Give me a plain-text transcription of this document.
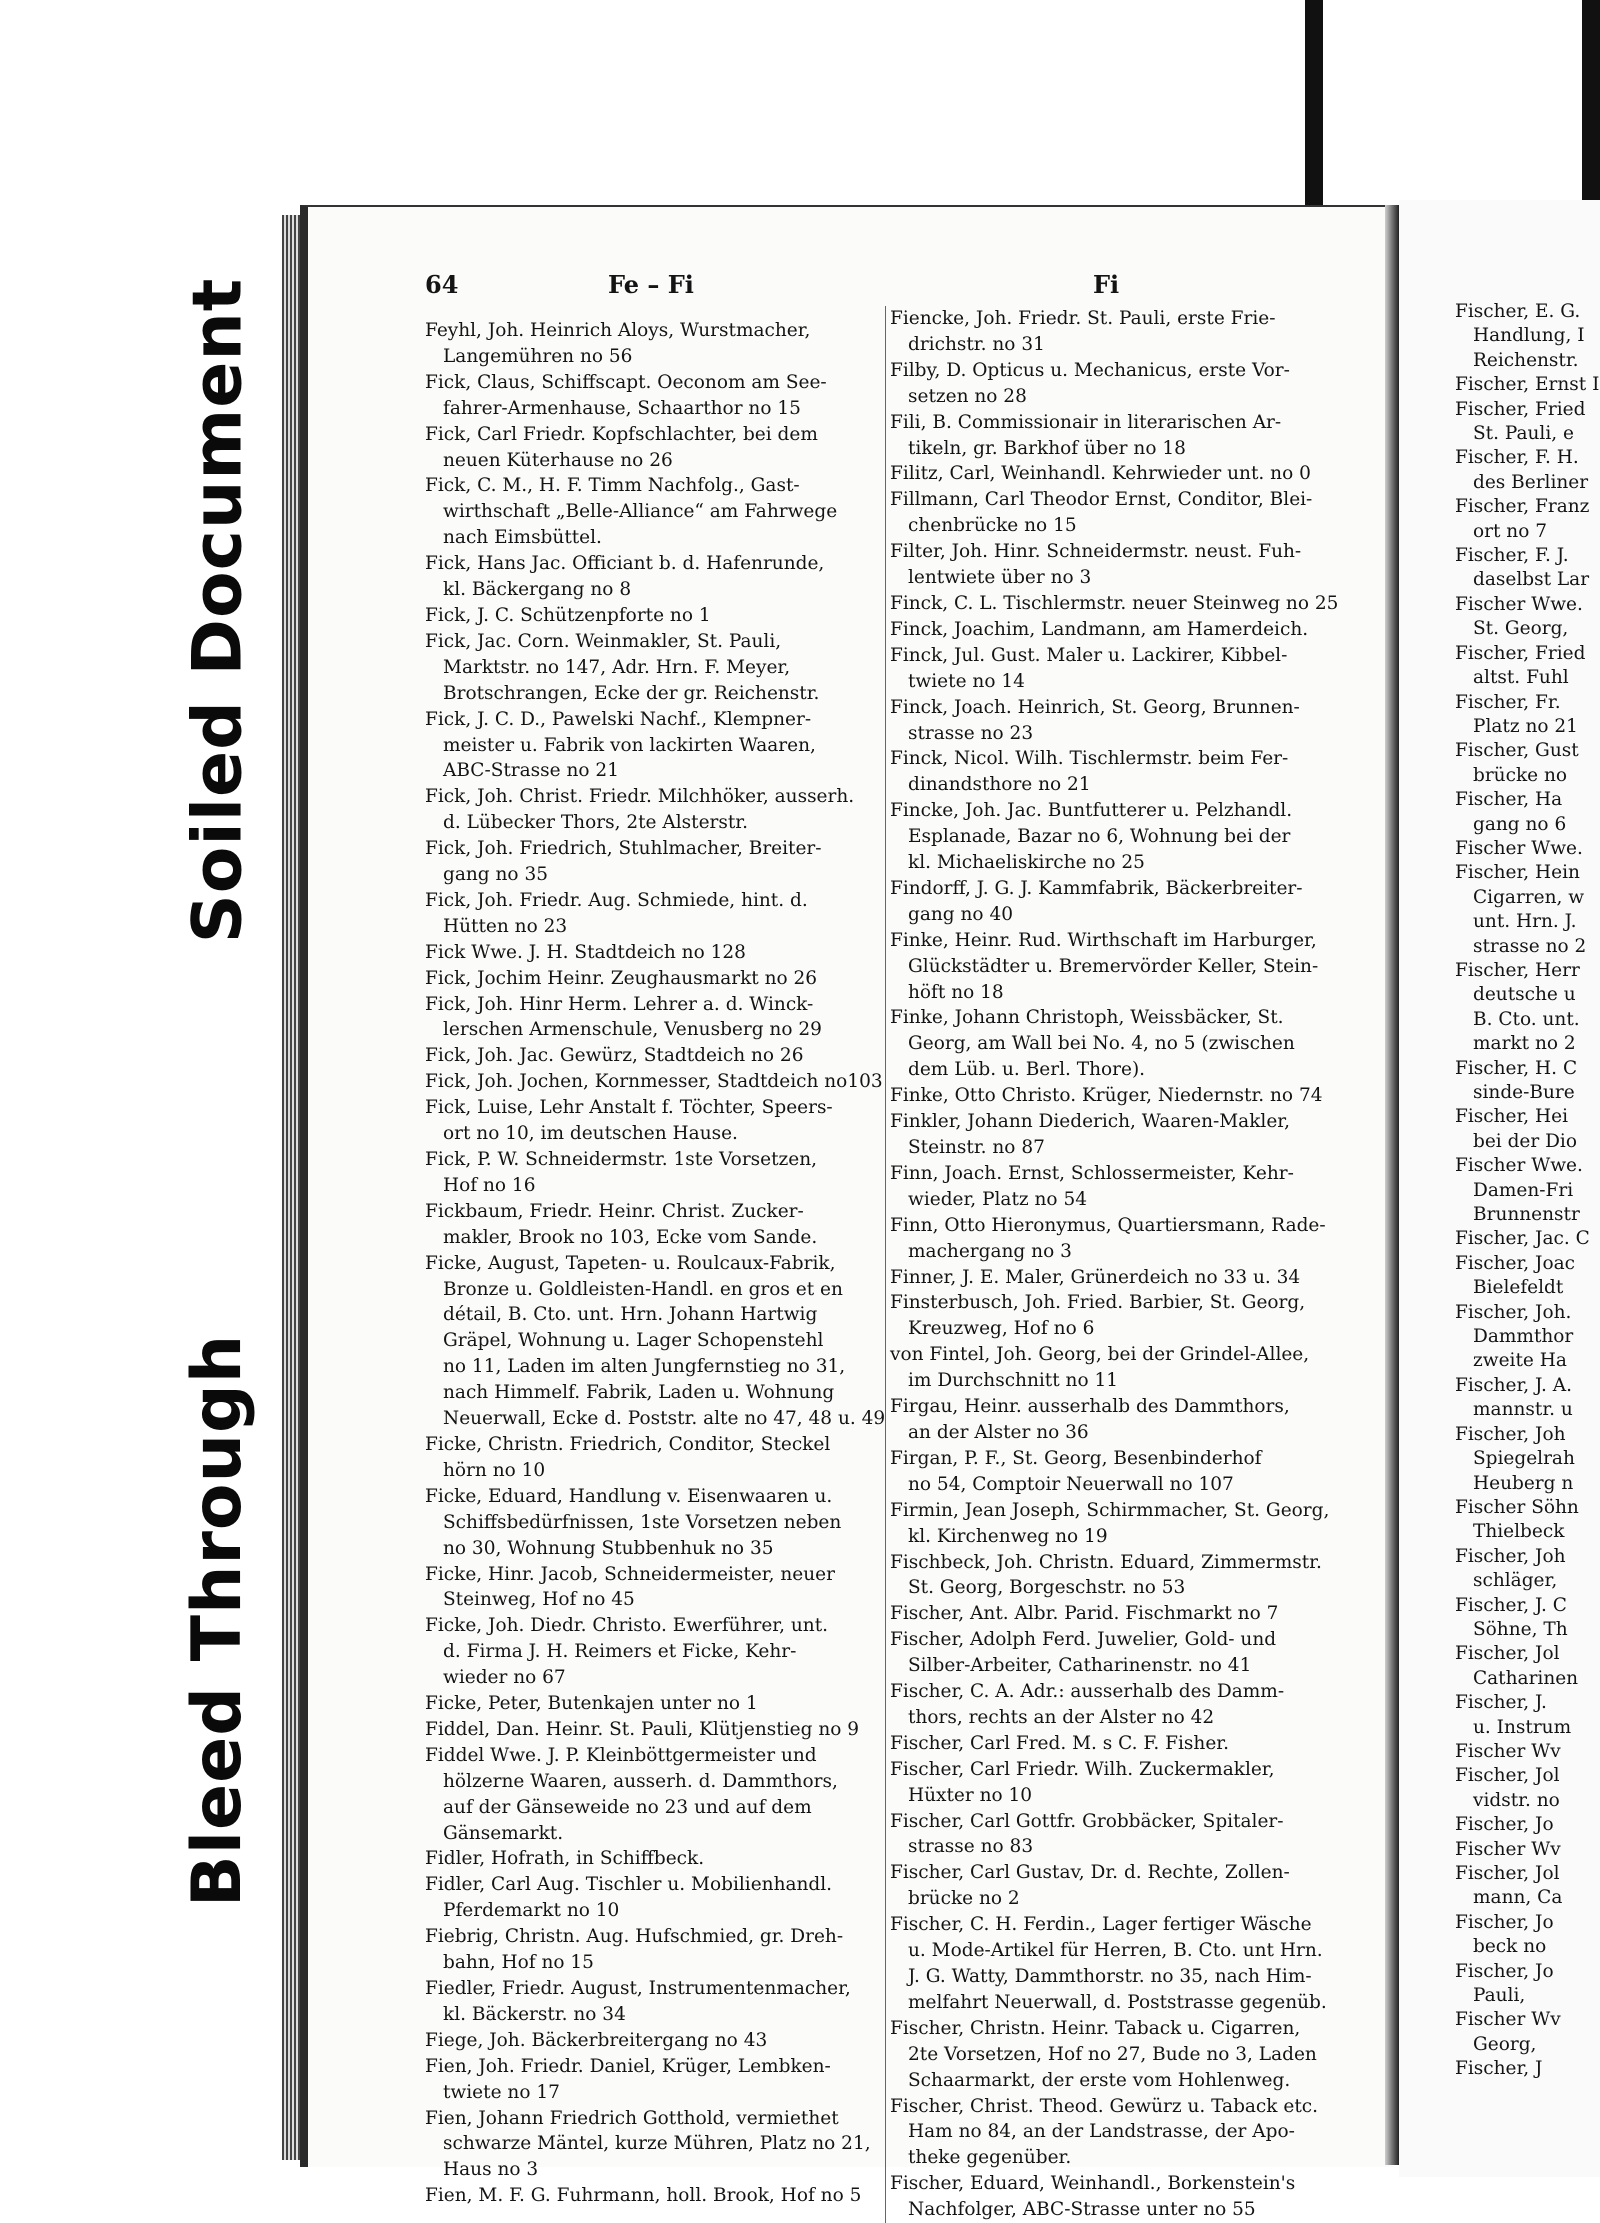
Soiled Document
Bleed Through
64	Fe – Fi	Fi
Feyhl, Joh. Heinrich Aloys, Wurstmacher,
Langemühren no 56
Fick, Claus, Schiffscapt. Oeconom am See-
fahrer-Armenhause, Schaarthor no 15
Fick, Carl Friedr. Kopfschlachter, bei dem
neuen Küterhause no 26
Fick, C. M., H. F. Timm Nachfolg., Gast-
wirthschaft „Belle-Alliance“ am Fahrwege
nach Eimsbüttel.
Fick, Hans Jac. Officiant b. d. Hafenrunde,
kl. Bäckergang no 8
Fick, J. C. Schützenpforte no 1
Fick, Jac. Corn. Weinmakler, St. Pauli,
Marktstr. no 147, Adr. Hrn. F. Meyer,
Brotschrangen, Ecke der gr. Reichenstr.
Fick, J. C. D., Pawelski Nachf., Klempner-
meister u. Fabrik von lackirten Waaren,
ABC-Strasse no 21
Fick, Joh. Christ. Friedr. Milchhöker, ausserh.
d. Lübecker Thors, 2te Alsterstr.
Fick, Joh. Friedrich, Stuhlmacher, Breiter-
gang no 35
Fick, Joh. Friedr. Aug. Schmiede, hint. d.
Hütten no 23
Fick Wwe. J. H. Stadtdeich no 128
Fick, Jochim Heinr. Zeughausmarkt no 26
Fick, Joh. Hinr Herm. Lehrer a. d. Winck-
lerschen Armenschule, Venusberg no 29
Fick, Joh. Jac. Gewürz, Stadtdeich no 26
Fick, Joh. Jochen, Kornmesser, Stadtdeich no103
Fick, Luise, Lehr Anstalt f. Töchter, Speers-
ort no 10, im deutschen Hause.
Fick, P. W. Schneidermstr. 1ste Vorsetzen,
Hof no 16
Fickbaum, Friedr. Heinr. Christ. Zucker-
makler, Brook no 103, Ecke vom Sande.
Ficke, August, Tapeten- u. Roulcaux-Fabrik,
Bronze u. Goldleisten-Handl. en gros et en
détail, B. Cto. unt. Hrn. Johann Hartwig
Gräpel, Wohnung u. Lager Schopenstehl
no 11, Laden im alten Jungfernstieg no 31,
nach Himmelf. Fabrik, Laden u. Wohnung
Neuerwall, Ecke d. Poststr. alte no 47, 48 u. 49
Ficke, Christn. Friedrich, Conditor, Steckel
hörn no 10
Ficke, Eduard, Handlung v. Eisenwaaren u.
Schiffsbedürfnissen, 1ste Vorsetzen neben
no 30, Wohnung Stubbenhuk no 35
Ficke, Hinr. Jacob, Schneidermeister, neuer
Steinweg, Hof no 45
Ficke, Joh. Diedr. Christo. Ewerführer, unt.
d. Firma J. H. Reimers et Ficke, Kehr-
wieder no 67
Ficke, Peter, Butenkajen unter no 1
Fiddel, Dan. Heinr. St. Pauli, Klütjenstieg no 9
Fiddel Wwe. J. P. Kleinböttgermeister und
hölzerne Waaren, ausserh. d. Dammthors,
auf der Gänseweide no 23 und auf dem
Gänsemarkt.
Fidler, Hofrath, in Schiffbeck.
Fidler, Carl Aug. Tischler u. Mobilienhandl.
Pferdemarkt no 10
Fiebrig, Christn. Aug. Hufschmied, gr. Dreh-
bahn, Hof no 15
Fiedler, Friedr. August, Instrumentenmacher,
kl. Bäckerstr. no 34
Fiege, Joh. Bäckerbreitergang no 43
Fien, Joh. Friedr. Daniel, Krüger, Lembken-
twiete no 17
Fien, Johann Friedrich Gotthold, vermiethet
schwarze Mäntel, kurze Mühren, Platz no 21,
Haus no 3
Fien, M. F. G. Fuhrmann, holl. Brook, Hof no 5
Fiencke, Joh. Friedr. St. Pauli, erste Frie-
drichstr. no 31
Filby, D. Opticus u. Mechanicus, erste Vor-
setzen no 28
Fili, B. Commissionair in literarischen Ar-
tikeln, gr. Barkhof über no 18
Filitz, Carl, Weinhandl. Kehrwieder unt. no 0
Fillmann, Carl Theodor Ernst, Conditor, Blei-
chenbrücke no 15
Filter, Joh. Hinr. Schneidermstr. neust. Fuh-
lentwiete über no 3
Finck, C. L. Tischlermstr. neuer Steinweg no 25
Finck, Joachim, Landmann, am Hamerdeich.
Finck, Jul. Gust. Maler u. Lackirer, Kibbel-
twiete no 14
Finck, Joach. Heinrich, St. Georg, Brunnen-
strasse no 23
Finck, Nicol. Wilh. Tischlermstr. beim Fer-
dinandsthore no 21
Fincke, Joh. Jac. Buntfutterer u. Pelzhandl.
Esplanade, Bazar no 6, Wohnung bei der
kl. Michaeliskirche no 25
Findorff, J. G. J. Kammfabrik, Bäckerbreiter-
gang no 40
Finke, Heinr. Rud. Wirthschaft im Harburger,
Glückstädter u. Bremervörder Keller, Stein-
höft no 18
Finke, Johann Christoph, Weissbäcker, St.
Georg, am Wall bei No. 4, no 5 (zwischen
dem Lüb. u. Berl. Thore).
Finke, Otto Christo. Krüger, Niedernstr. no 74
Finkler, Johann Diederich, Waaren-Makler,
Steinstr. no 87
Finn, Joach. Ernst, Schlossermeister, Kehr-
wieder, Platz no 54
Finn, Otto Hieronymus, Quartiersmann, Rade-
machergang no 3
Finner, J. E. Maler, Grünerdeich no 33 u. 34
Finsterbusch, Joh. Fried. Barbier, St. Georg,
Kreuzweg, Hof no 6
von Fintel, Joh. Georg, bei der Grindel-Allee,
im Durchschnitt no 11
Firgau, Heinr. ausserhalb des Dammthors,
an der Alster no 36
Firgan, P. F., St. Georg, Besenbinderhof
no 54, Comptoir Neuerwall no 107
Firmin, Jean Joseph, Schirmmacher, St. Georg,
kl. Kirchenweg no 19
Fischbeck, Joh. Christn. Eduard, Zimmermstr.
St. Georg, Borgeschstr. no 53
Fischer, Ant. Albr. Parid. Fischmarkt no 7
Fischer, Adolph Ferd. Juwelier, Gold- und
Silber-Arbeiter, Catharinenstr. no 41
Fischer, C. A. Adr.: ausserhalb des Damm-
thors, rechts an der Alster no 42
Fischer, Carl Fred. M. s C. F. Fisher.
Fischer, Carl Friedr. Wilh. Zuckermakler,
Hüxter no 10
Fischer, Carl Gottfr. Grobbäcker, Spitaler-
strasse no 83
Fischer, Carl Gustav, Dr. d. Rechte, Zollen-
brücke no 2
Fischer, C. H. Ferdin., Lager fertiger Wäsche
u. Mode-Artikel für Herren, B. Cto. unt Hrn.
J. G. Watty, Dammthorstr. no 35, nach Him-
melfahrt Neuerwall, d. Poststrasse gegenüb.
Fischer, Christn. Heinr. Taback u. Cigarren,
2te Vorsetzen, Hof no 27, Bude no 3, Laden
Schaarmarkt, der erste vom Hohlenweg.
Fischer, Christ. Theod. Gewürz u. Taback etc.
Ham no 84, an der Landstrasse, der Apo-
theke gegenüber.
Fischer, Eduard, Weinhandl., Borkenstein's
Nachfolger, ABC-Strasse unter no 55
Fischer, E. G.
Handlung, I
Reichenstr.
Fischer, Ernst I
Fischer, Fried
St. Pauli, e
Fischer, F. H.
des Berliner
Fischer, Franz
ort no 7
Fischer, F. J.
daselbst Lar
Fischer Wwe.
St. Georg,
Fischer, Fried
altst. Fuhl
Fischer, Fr.
Platz no 21
Fischer, Gust
brücke no
Fischer, Ha
gang no 6
Fischer Wwe.
Fischer, Hein
Cigarren, w
unt. Hrn. J.
strasse no 2
Fischer, Herr
deutsche u
B. Cto. unt.
markt no 2
Fischer, H. C
sinde-Bure
Fischer, Hei
bei der Dio
Fischer Wwe.
Damen-Fri
Brunnenstr
Fischer, Jac. C
Fischer, Joac
Bielefeldt
Fischer, Joh.
Dammthor
zweite Ha
Fischer, J. A.
mannstr. u
Fischer, Joh
Spiegelrah
Heuberg n
Fischer Söhn
Thielbeck
Fischer, Joh
schläger,
Fischer, J. C
Söhne, Th
Fischer, Jol
Catharinen
Fischer, J.
u. Instrum
Fischer Wv
Fischer, Jol
vidstr. no
Fischer, Jo
Fischer Wv
Fischer, Jol
mann, Ca
Fischer, Jo
beck no
Fischer, Jo
Pauli,
Fischer Wv
Georg,
Fischer, J
